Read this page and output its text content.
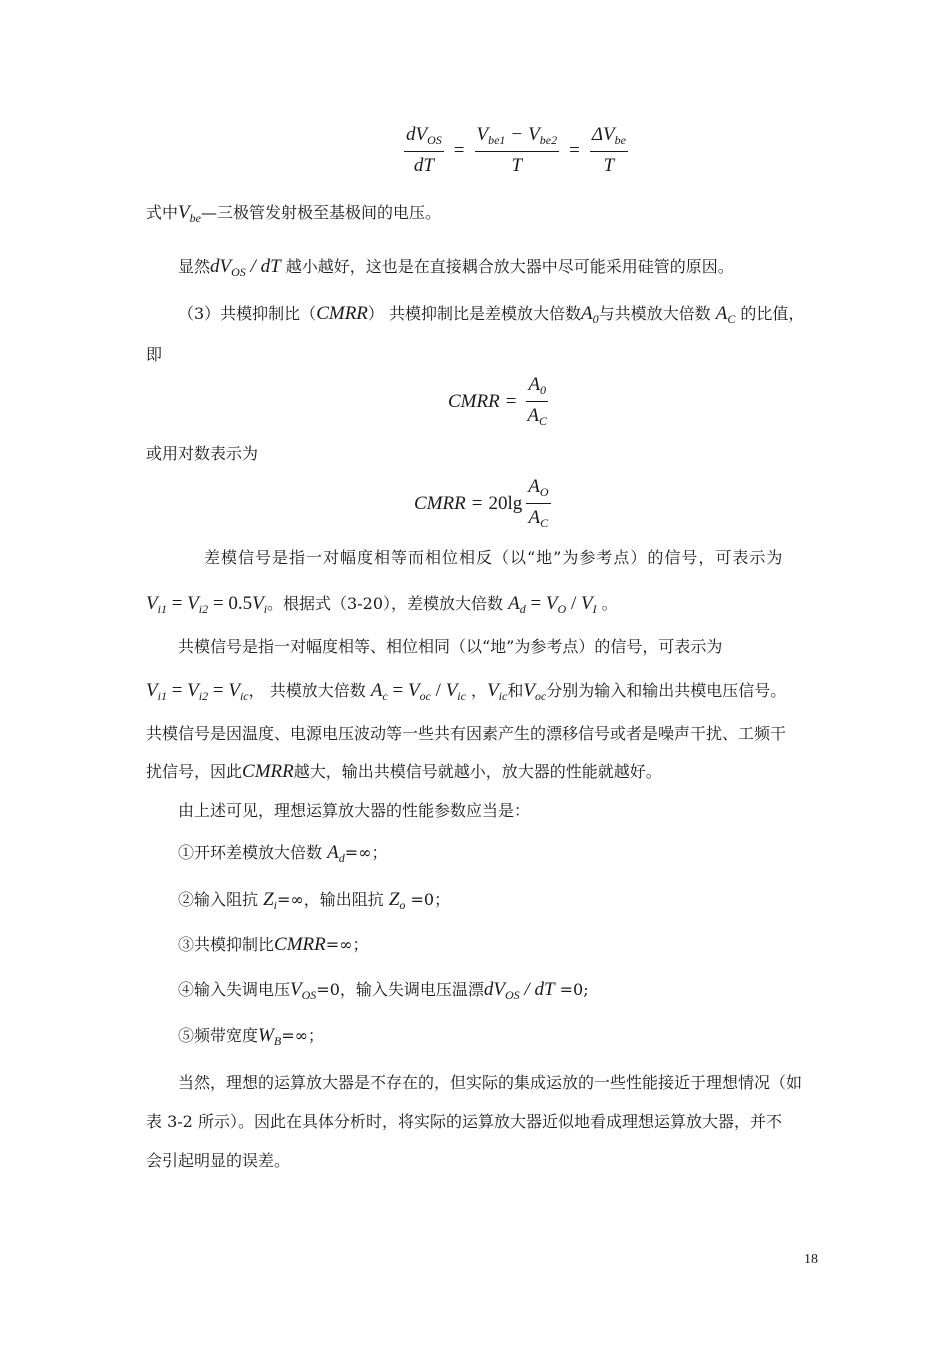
$\frac{dV_{OS}}{dT} = \frac{V_{be1} - V_{be2}}{T} = \frac{\Delta V_{be}}{T}$
式中$V_{be}—$三极管发射极至基极间的电压。
显然$dV_{OS}$ / dT 越小越好，这也是在直接耦合放大器中尽可能采用硅管的原因。
（3）共模抑制比（CMRR） 共模抑制比是差模放大倍数$A_0$与共模放大倍数 $A_C$ 的比值，
即
CMRR = $\frac{A_0}{A_C}$
或用对数表示为
CMRR = $20\lg \frac{A_O}{A_C}$
差模信号是指一对幅度相等而相位相反（以“地”为参考点）的信号，可表示为
$V_{i1} = V_{i2} = 0.5V_i$。根据式（3-20），差模放大倍数 $A_d = V_O / V_I$ 。
共模信号是指一对幅度相等、相位相同（以“地”为参考点）的信号，可表示为
$V_{i1} = V_{i2} = V_{ic}$， 共模放大倍数 $A_c = V_{oc} / V_{ic}$ ，$V_{ic}$和$V_{oc}$分别为输入和输出共模电压信号。
共模信号是因温度、电源电压波动等一些共有因素产生的漂移信号或者是噪声干扰、工频干
扰信号，因此CMRR越大，输出共模信号就越小，放大器的性能就越好。
由上述可见，理想运算放大器的性能参数应当是：
①开环差模放大倍数 $A_d=\infty$；
②输入阻抗 $Z_i=\infty$，输出阻抗 $Z_o =0$；
③共模抑制比CMRR=∞；
④输入失调电压$V_{OS}=0$，输入失调电压温漂$dV_{OS}$ / dT =0;
⑤频带宽度$W_B=\infty$；
当然，理想的运算放大器是不存在的，但实际的集成运放的一些性能接近于理想情况（如
表 3-2 所示）。因此在具体分析时，将实际的运算放大器近似地看成理想运算放大器，并不
会引起明显的误差。
18
